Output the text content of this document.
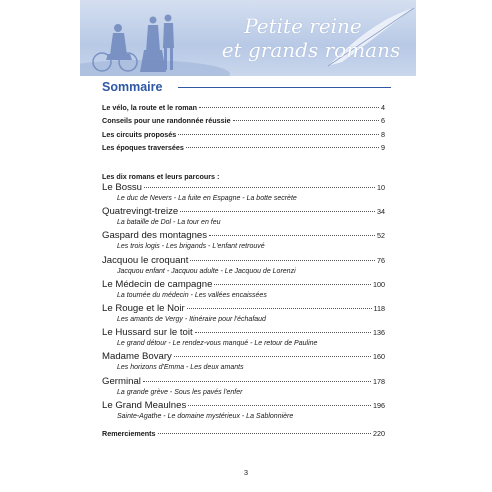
Petite reine
et grands romans
Sommaire
Le vélo, la route et le roman	4
Conseils pour une randonnée réussie	6
Les circuits proposés	8
Les époques traversées	9
Les dix romans et leurs parcours :
Le Bossu	10
Le duc de Nevers - La fuite en Espagne - La botte secrète
Quatrevingt-treize	34
La bataille de Dol - La tour en feu
Gaspard des montagnes	52
Les trois logis - Les brigands - L'enfant retrouvé
Jacquou le croquant	76
Jacquou enfant - Jacquou adulte - Le Jacquou de Lorenzi
Le Médecin de campagne	100
La tournée du médecin - Les vallées encaissées
Le Rouge et le Noir	118
Les amants de Vergy - Itinéraire pour l'échafaud
Le Hussard sur le toit	136
Le grand détour - Le rendez-vous manqué - Le retour de Pauline
Madame Bovary	160
Les horizons d'Emma - Les deux amants
Germinal	178
La grande grève - Sous les pavés l'enfer
Le Grand Meaulnes	196
Sainte-Agathe - Le domaine mystérieux - La Sablonnière
Remerciements	220
3
